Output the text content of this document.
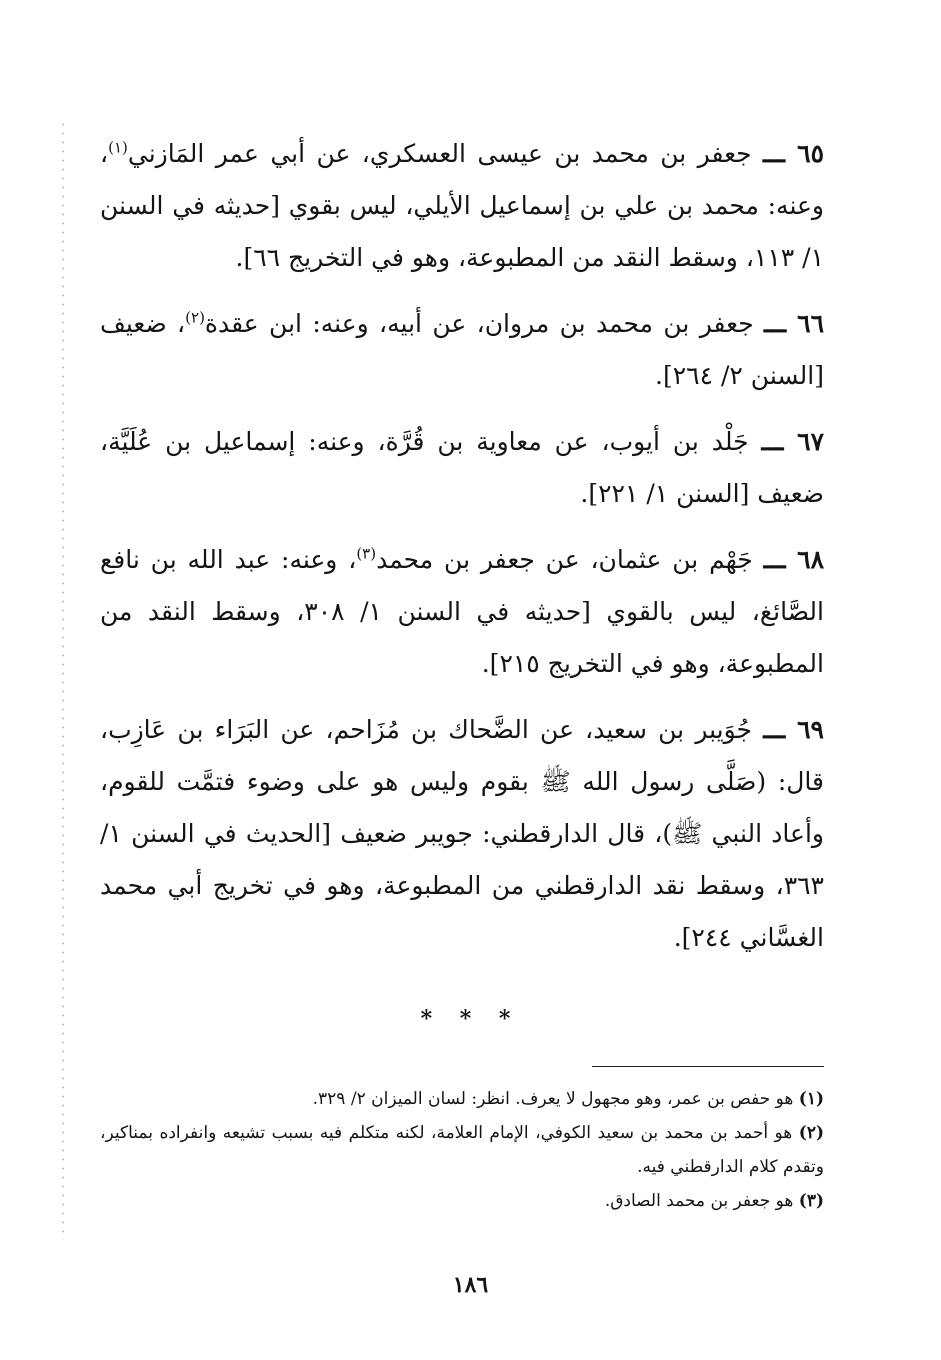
٦٥ ـــ جعفر بن محمد بن عيسى العسكري، عن أبي عمر المَازني$^{(١)}$، وعنه: محمد بن علي بن إسماعيل الأيلي، ليس بقوي [حديثه في السنن ١/ ١١٣، وسقط النقد من المطبوعة، وهو في التخريج ٦٦].

٦٦ ـــ جعفر بن محمد بن مروان، عن أبيه، وعنه: ابن عقدة$^{(٢)}$، ضعيف [السنن ٢/ ٢٦٤].

٦٧ ـــ جَلْد بن أيوب، عن معاوية بن قُرَّة، وعنه: إسماعيل بن عُلَيَّة، ضعيف [السنن ١/ ٢٢١].

٦٨ ـــ جَهْم بن عثمان، عن جعفر بن محمد$^{(٣)}$، وعنه: عبد الله بن نافع الصَّائغ، ليس بالقوي [حديثه في السنن ١/ ٣٠٨، وسقط النقد من المطبوعة، وهو في التخريج ٢١٥].

٦٩ ـــ جُوَيبر بن سعيد، عن الضَّحاك بن مُزَاحم، عن البَرَاء بن عَازِب، قال: (صَلَّى رسول الله ﷺ بقوم وليس هو على وضوء فتمَّت للقوم، وأعاد النبي ﷺ)، قال الدارقطني: جويبر ضعيف [الحديث في السنن ١/ ٣٦٣، وسقط نقد الدارقطني من المطبوعة، وهو في تخريج أبي محمد الغسَّاني ٢٤٤].

* * *

(١) هو حفص بن عمر، وهو مجهول لا يعرف. انظر: لسان الميزان ٢/ ٣٢٩.

(٢) هو أحمد بن محمد بن سعيد الكوفي، الإمام العلامة، لكنه متكلم فيه بسبب تشيعه وانفراده بمناكير، وتقدم كلام الدارقطني فيه.

(٣) هو جعفر بن محمد الصادق.

١٨٦
